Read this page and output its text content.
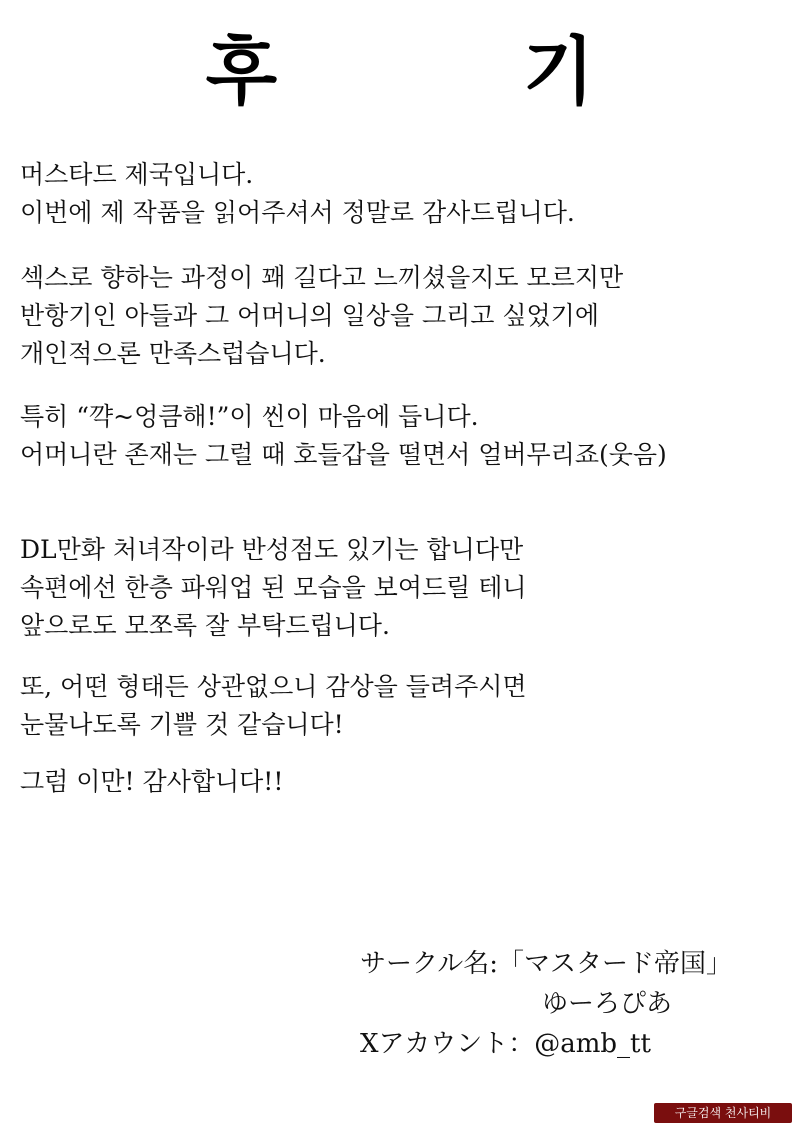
후 기
머스타드 제국입니다.
이번에 제 작품을 읽어주셔서 정말로 감사드립니다.
섹스로 향하는 과정이 꽤 길다고 느끼셨을지도 모르지만
반항기인 아들과 그 어머니의 일상을 그리고 싶었기에
개인적으론 만족스럽습니다.
특히 “꺅~엉큼해!”이 씬이 마음에 듭니다.
어머니란 존재는 그럴 때 호들갑을 떨면서 얼버무리죠(웃음)
DL만화 처녀작이라 반성점도 있기는 합니다만
속편에선 한층 파워업 된 모습을 보여드릴 테니
앞으로도 모쪼록 잘 부탁드립니다.
또, 어떤 형태든 상관없으니 감상을 들려주시면
눈물나도록 기쁠 것 같습니다!
그럼 이만! 감사합니다!!
サークル名:「マスタード帝国」
ゆーろぴあ
Xアカウント：@amb_tt
구글검색 천사티비
